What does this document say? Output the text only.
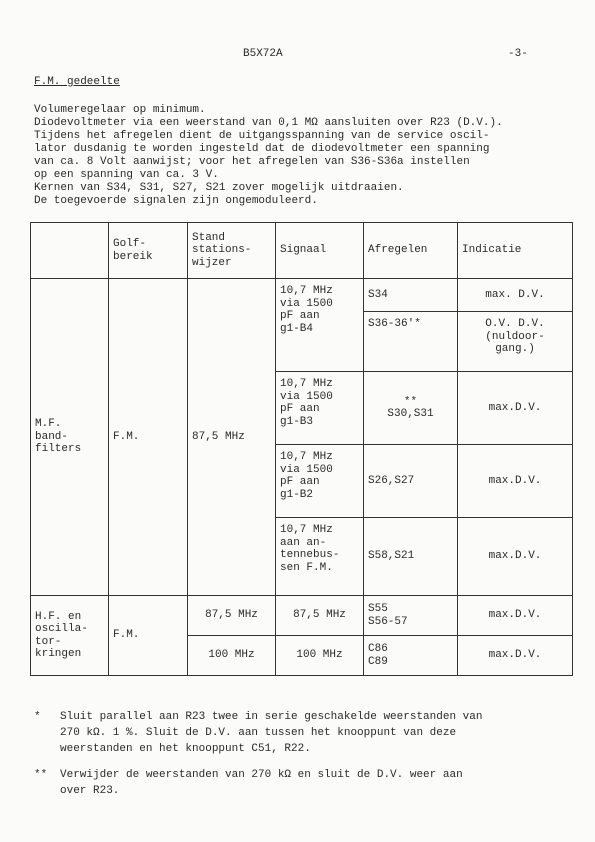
B5X72A	-3-
F.M. gedeelte
Volumeregelaar op minimum.
Diodevoltmeter via een weerstand van 0,1 MΩ aansluiten over R23 (D.V.).
Tijdens het afregelen dient de uitgangsspanning van de service oscil-
lator dusdanig te worden ingesteld dat de diodevoltmeter een spanning
van ca. 8 Volt aanwijst; voor het afregelen van S36-S36a instellen
op een spanning van ca. 3 V.
Kernen van S34, S31, S27, S21 zover mogelijk uitdraaien.
De toegevoerde signalen zijn ongemoduleerd.
	Golf-
bereik	Stand
stations-
wijzer	Signaal	Afregelen	Indicatie
M.F.
band-
filters	F.M.	87,5 MHz	10,7 MHz
via 1500
pF aan
g1-B4	S34	max. D.V.
				S36-36'*	O.V. D.V.
(nuldoor-
gang.)
			10,7 MHz
via 1500
pF aan
g1-B3	**
S30,S31	max.D.V.
			10,7 MHz
via 1500
pF aan
g1-B2	S26,S27	max.D.V.
			10,7 MHz
aan an-
tennebus-
sen F.M.	S58,S21	max.D.V.

H.F. en
oscilla-
tor-
kringen	F.M.	87,5 MHz	87,5 MHz	S55
S56-57	max.D.V.
		100 MHz	100 MHz	C86
C89	max.D.V.
* Sluit parallel aan R23 twee in serie geschakelde weerstanden van
270 kΩ. 1 %. Sluit de D.V. aan tussen het knooppunt van deze
weerstanden en het knooppunt C51, R22.
** Verwijder de weerstanden van 270 kΩ en sluit de D.V. weer aan
over R23.
